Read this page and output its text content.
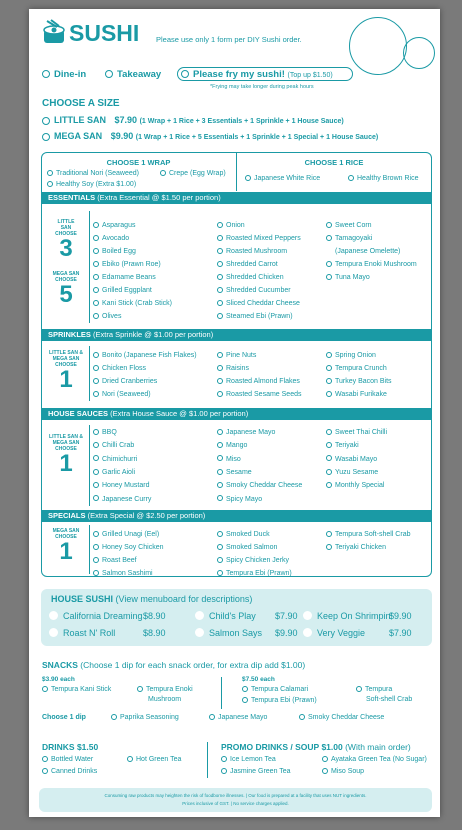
SUSHI Please use only 1 form per DIY Sushi order.
Dine-in	Takeaway	Please fry my sushi! (Top up $1.50)
*Frying may take longer during peak hours
CHOOSE A SIZE
LITTLE SAN $7.90 (1 Wrap + 1 Rice + 3 Essentials + 1 Sprinkle + 1 House Sauce)
MEGA SAN $9.90 (1 Wrap + 1 Rice + 5 Essentials + 1 Sprinkle + 1 Special + 1 House Sauce)
CHOOSE 1 WRAP	CHOOSE 1 RICE
Traditional Nori (Seaweed)	Crepe (Egg Wrap)
Healthy Soy (Extra $1.00)
Japanese White Rice	Healthy Brown Rice
ESSENTIALS (Extra Essential @ $1.50 per portion)
LITTLE SAN CHOOSE
3
MEGA SAN CHOOSE
5
Asparagus
Avocado
Boiled Egg
Ebiko (Prawn Roe)
Edamame Beans
Grilled Eggplant
Kani Stick (Crab Stick)
Olives
Onion
Roasted Mixed Peppers
Roasted Mushroom
Shredded Carrot
Shredded Chicken
Shredded Cucumber
Sliced Cheddar Cheese
Steamed Ebi (Prawn)
Sweet Corn
Tamagoyaki
(Japanese Omelette)
Tempura Enoki Mushroom
Tuna Mayo
SPRINKLES (Extra Sprinkle @ $1.00 per portion)
LITTLE SAN & MEGA SAN CHOOSE
1
Bonito (Japanese Fish Flakes)
Chicken Floss
Dried Cranberries
Nori (Seaweed)
Pine Nuts
Raisins
Roasted Almond Flakes
Roasted Sesame Seeds
Spring Onion
Tempura Crunch
Turkey Bacon Bits
Wasabi Furikake
HOUSE SAUCES (Extra House Sauce @ $1.00 per portion)
LITTLE SAN & MEGA SAN CHOOSE
1
BBQ
Chilli Crab
Chimichurri
Garlic Aioli
Honey Mustard
Japanese Curry
Japanese Mayo
Mango
Miso
Sesame
Smoky Cheddar Cheese
Spicy Mayo
Sweet Thai Chilli
Teriyaki
Wasabi Mayo
Yuzu Sesame
Monthly Special
SPECIALS (Extra Special @ $2.50 per portion)
MEGA SAN CHOOSE
1
Grilled Unagi (Eel)
Honey Soy Chicken
Roast Beef
Salmon Sashimi
Smoked Duck
Smoked Salmon
Spicy Chicken Jerky
Tempura Ebi (Prawn)
Tempura Soft-shell Crab
Teriyaki Chicken
HOUSE SUSHI (View menuboard for descriptions)
California Dreaming$8.90	Child's Play $7.90	Keep On Shrimpin'$9.90
Roast N' Roll	$8.90	Salmon Says $9.90	Very Veggie	$7.90
SNACKS (Choose 1 dip for each snack order, for extra dip add $1.00)
$3.90 each
Tempura Kani Stick	Tempura Enoki
Mushroom
$7.50 each
Tempura Calamari
Tempura Ebi (Prawn)
Tempura
Soft-shell Crab
Choose 1 dip	Paprika Seasoning	Japanese Mayo	Smoky Cheddar Cheese
DRINKS $1.50
Bottled Water	Hot Green Tea
Canned Drinks
PROMO DRINKS / SOUP $1.00 (With main order)
Ice Lemon Tea	Ayataka Green Tea (No Sugar)
Jasmine Green Tea	Miso Soup
Consuming raw products may heighten the risk of foodborne illnesses. | Our food is prepared at a facility that uses NUT ingredients.
Prices inclusive of GST. | No service charges applied.
